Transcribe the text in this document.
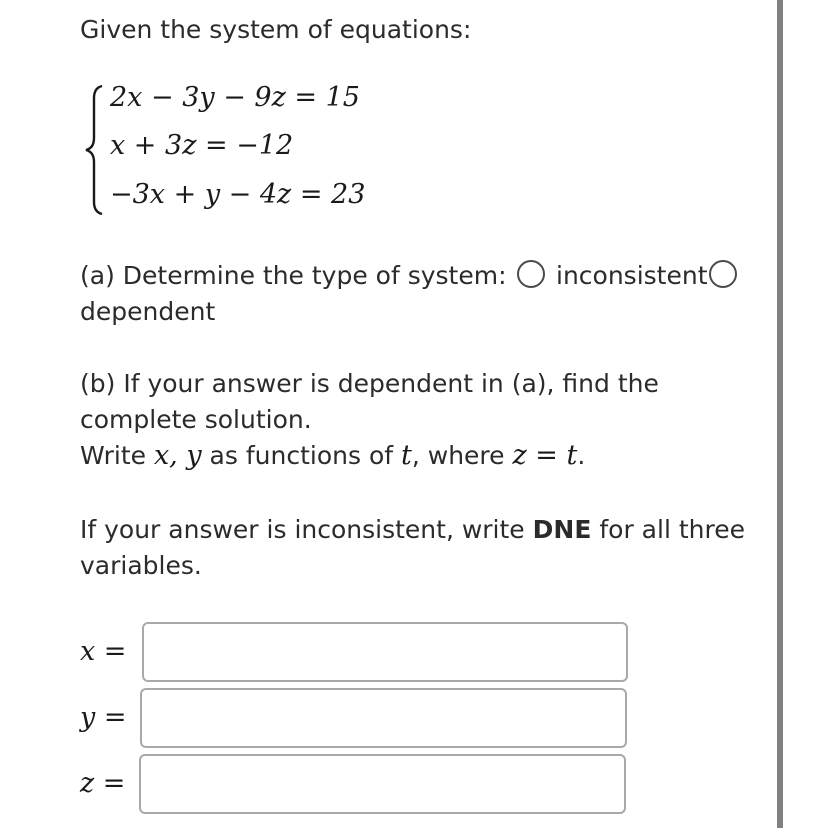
Given the system of equations:
2x − 3y − 9z = 15
x + 3z = −12
−3x + y − 4z = 23
(a) Determine the type of system: inconsistent
dependent
(b) If your answer is dependent in (a), find the
complete solution.
Write x, y as functions of t, where z = t.
If your answer is inconsistent, write DNE for all three
variables.
x =
y =
z =
